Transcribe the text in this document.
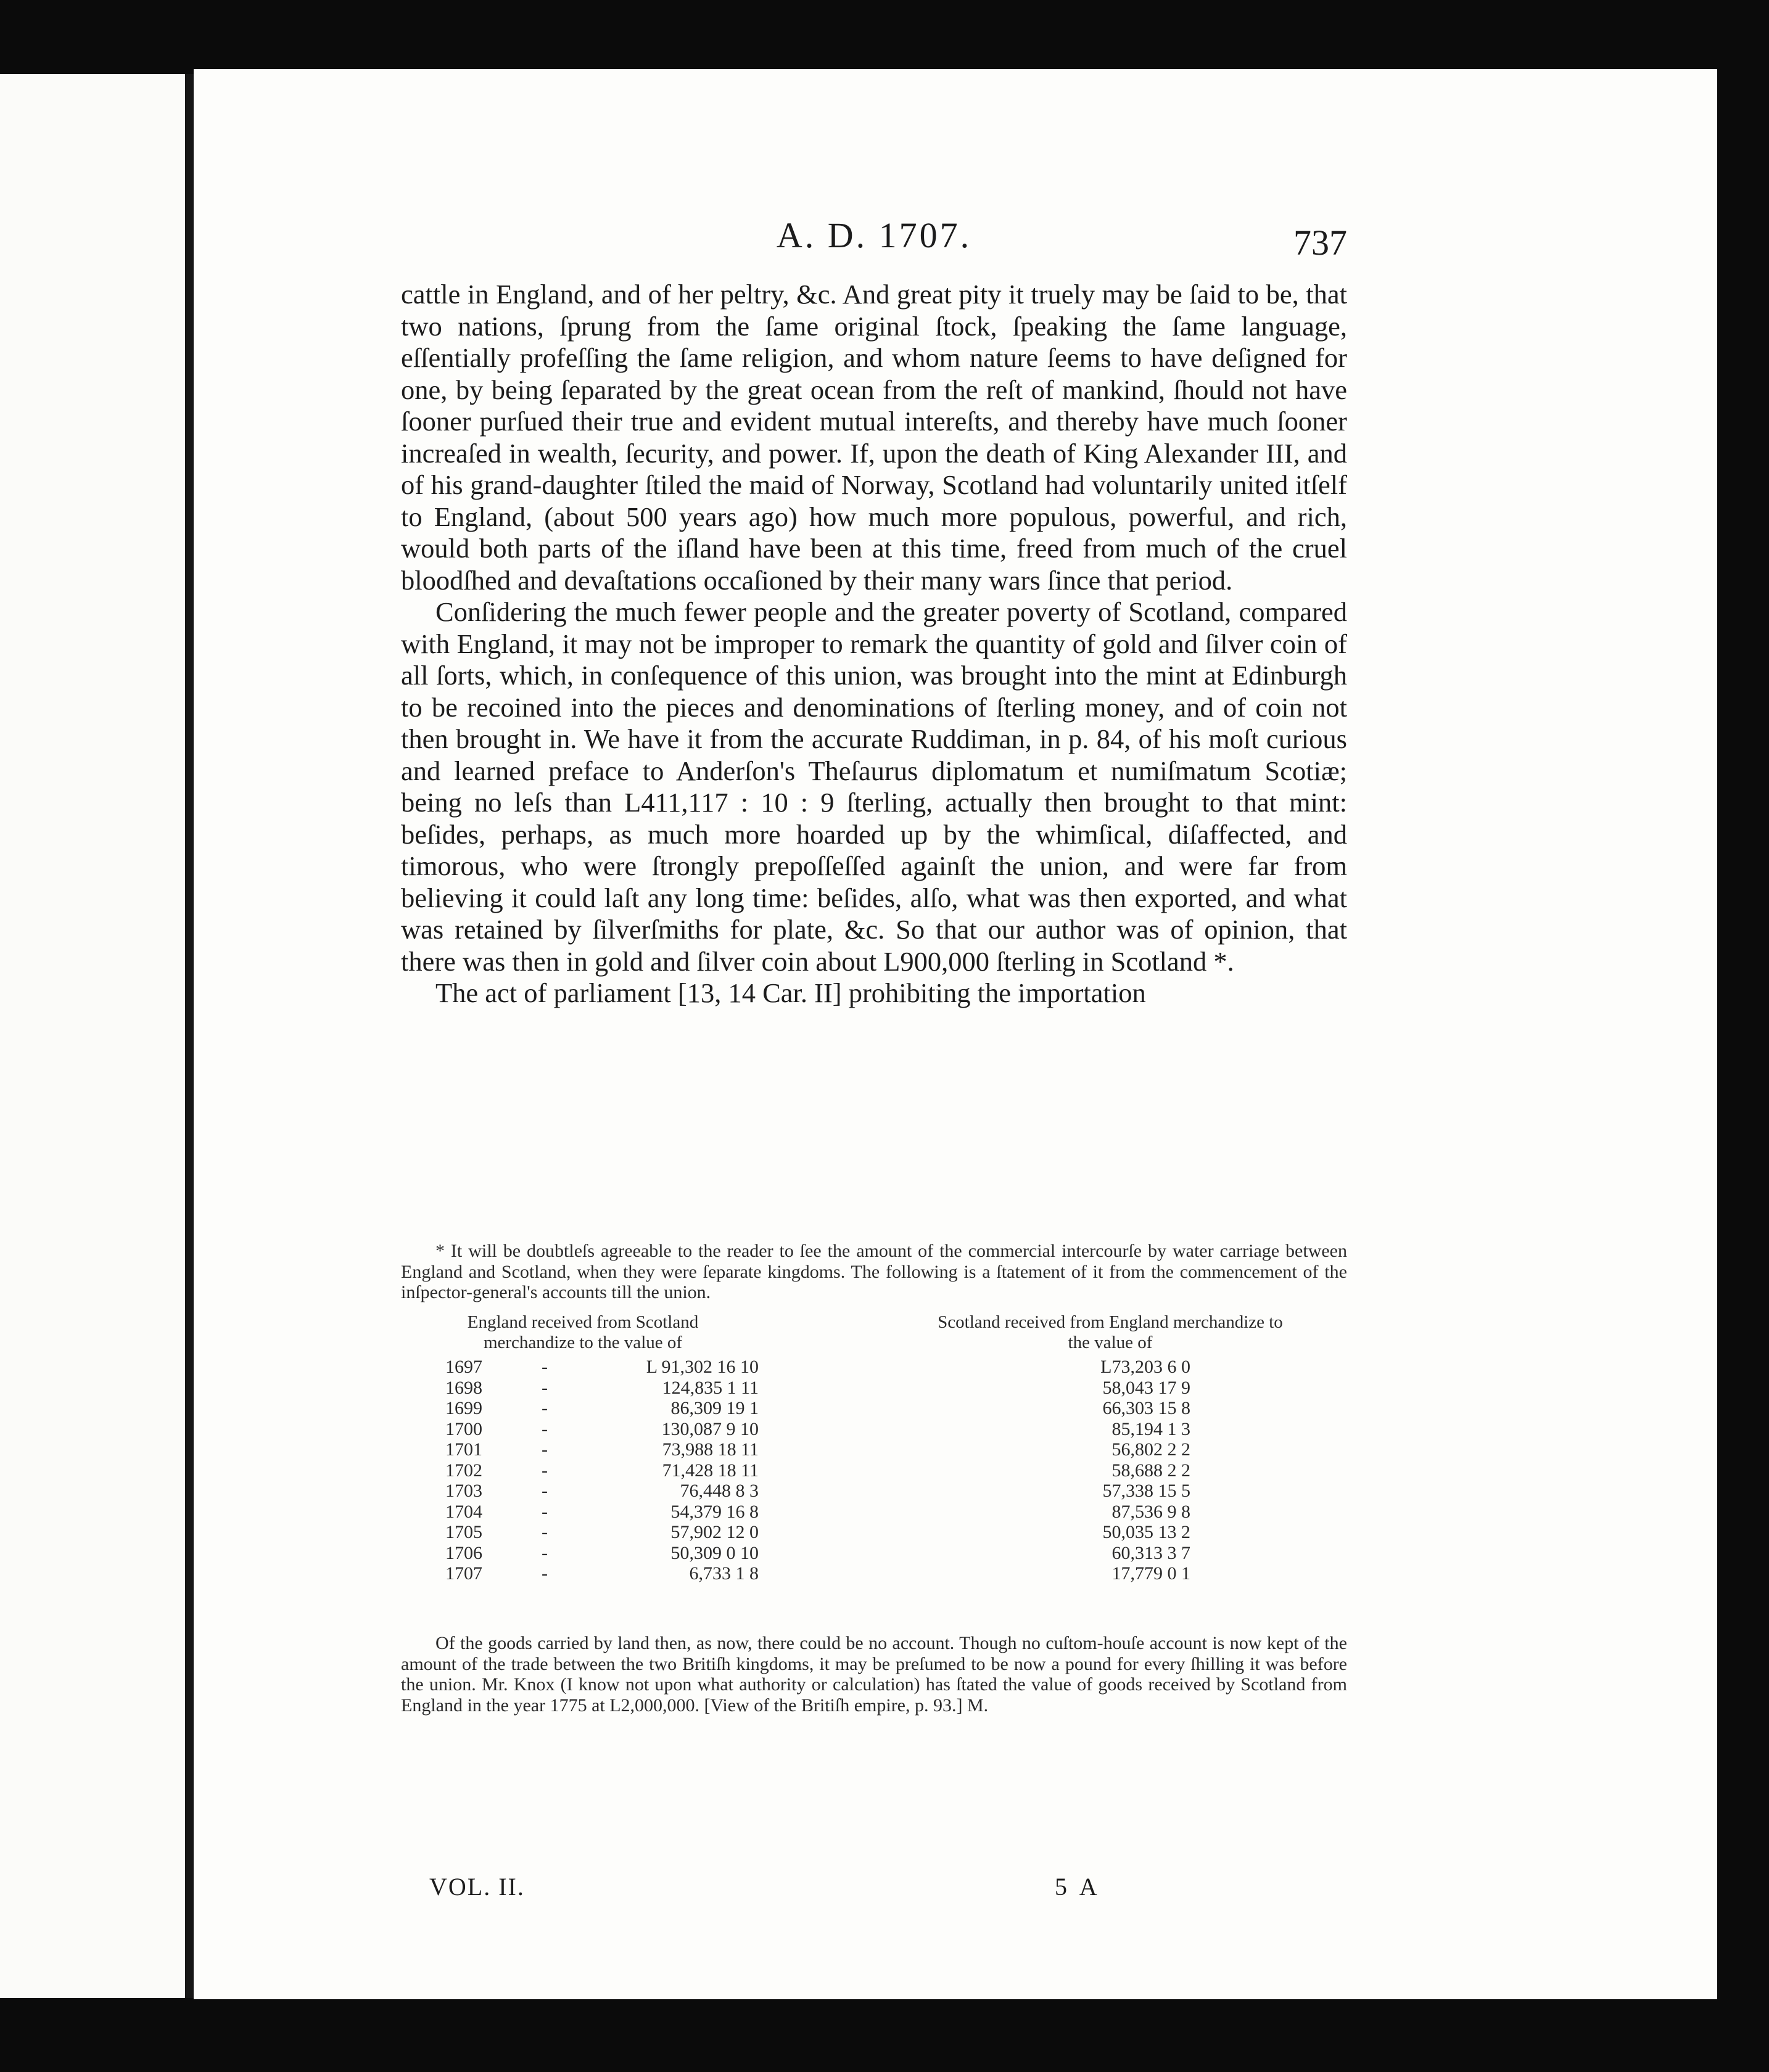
A. D. 1707.	737

cattle in England, and of her peltry, &c. And great pity it truely may be ſaid to be, that two nations, ſprung from the ſame original ſtock, ſpeaking the ſame language, eſſentially profeſſing the ſame religion, and whom nature ſeems to have deſigned for one, by being ſeparated by the great ocean from the reſt of mankind, ſhould not have ſooner purſued their true and evident mutual intereſts, and thereby have much ſooner increaſed in wealth, ſecurity, and power. If, upon the death of King Alexander III, and of his grand-daughter ſtiled the maid of Norway, Scotland had voluntarily united itſelf to England, (about 500 years ago) how much more populous, powerful, and rich, would both parts of the iſland have been at this time, freed from much of the cruel bloodſhed and devaſtations occaſioned by their many wars ſince that period.

Conſidering the much fewer people and the greater poverty of Scotland, compared with England, it may not be improper to remark the quantity of gold and ſilver coin of all ſorts, which, in conſequence of this union, was brought into the mint at Edinburgh to be recoined into the pieces and denominations of ſterling money, and of coin not then brought in. We have it from the accurate Ruddiman, in p. 84, of his moſt curious and learned preface to Anderſon's Theſaurus diplomatum et numiſmatum Scotiæ; being no leſs than L411,117 : 10 : 9 ſterling, actually then brought to that mint: beſides, perhaps, as much more hoarded up by the whimſical, diſaffected, and timorous, who were ſtrongly prepoſſeſſed againſt the union, and were far from believing it could laſt any long time: beſides, alſo, what was then exported, and what was retained by ſilverſmiths for plate, &c. So that our author was of opinion, that there was then in gold and ſilver coin about L900,000 ſterling in Scotland *.

The act of parliament [13, 14 Car. II] prohibiting the importation

* It will be doubtleſs agreeable to the reader to ſee the amount of the commercial intercourſe by water carriage between England and Scotland, when they were ſeparate kingdoms. The following is a ſtatement of it from the commencement of the inſpector-general's accounts till the union.

England received from Scotland merchandize to the value of
Scotland received from England merchandize to the value of
1697	-	L 91,302 16 10	L73,203 6 0
1698	-	124,835 1 11	58,043 17 9
1699	-	86,309 19 1	66,303 15 8
1700	-	130,087 9 10	85,194 1 3
1701	-	73,988 18 11	56,802 2 2
1702	-	71,428 18 11	58,688 2 2
1703	-	76,448 8 3	57,338 15 5
1704	-	54,379 16 8	87,536 9 8
1705	-	57,902 12 0	50,035 13 2
1706	-	50,309 0 10	60,313 3 7
1707	-	6,733 1 8	17,779 0 1

Of the goods carried by land then, as now, there could be no account. Though no cuſtom-houſe account is now kept of the amount of the trade between the two Britiſh kingdoms, it may be preſumed to be now a pound for every ſhilling it was before the union. Mr. Knox (I know not upon what authority or calculation) has ſtated the value of goods received by Scotland from England in the year 1775 at L2,000,000. [View of the Britiſh empire, p. 93.] M.

VOL. II.	5 A
